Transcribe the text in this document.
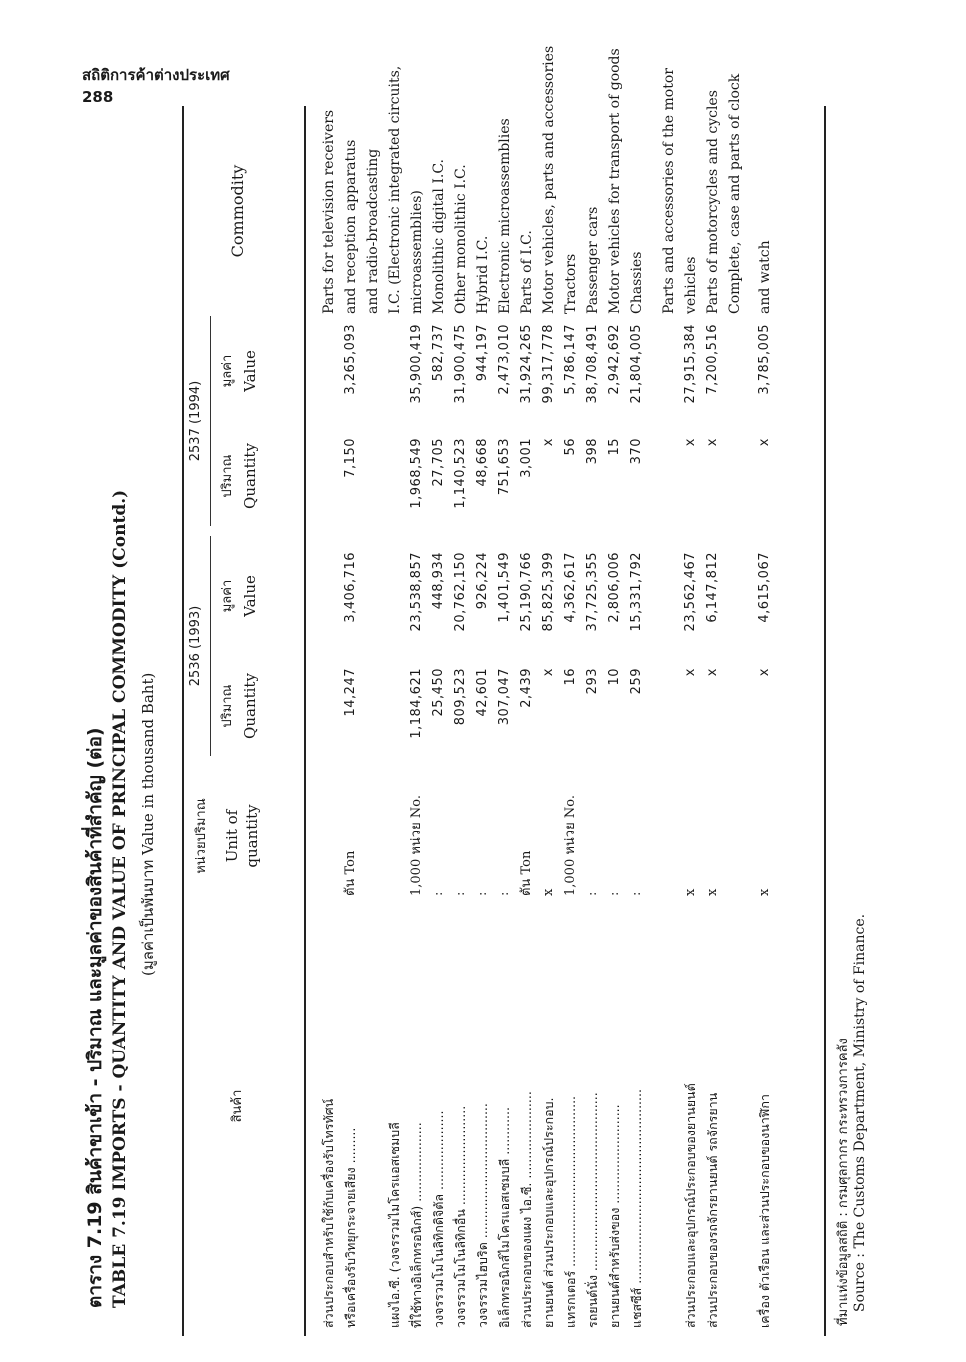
สถิติการค้าต่างประเทศ
288
ตาราง 7.19 สินค้าขาเข้า - ปริมาณ และมูลค่าของสินค้าที่สำคัญ (ต่อ) TABLE 7.19 IMPORTS - QUANTITY AND VALUE OF PRINCIPAL COMMODITY (Contd.) (มูลค่าเป็นพันบาท Value in thousand Baht)
สินค้า
หน่วยปริมาณ Unit of quantity
2536 (1993)
ปริมาณ Quantity
มูลค่า Value
2537 (1994)
ปริมาณ Quantity
มูลค่า Value
Commodity
ส่วนประกอบสำหรับใช้กับเครื่องรับโทรทัศน์
Parts for television receivers
หรือเครื่องรับวิทยุกระจายเสียง .........
ตัน Ton
14,247
3,406,716
7,150
3,265,093
and reception apparatus and radio-broadcasting
แผงไอ.ซี. (วงจรรวมไมโครแอสเซมบลี
I.C. (Electronic integrated circuits,
ที่ใช้ทางอิเล็กทรอนิกส์) ....................
1,000 หน่วย No.
1,184,621
23,538,857
1,968,549
35,900,419
microassemblies)
วงจรรวมโมโนลิทิกดิจิตัล ....................
:
25,450
448,934
27,705
582,737
Monolithic digital I.C.
วงจรรวมโมโนลิทิกอื่น .........................
:
809,523
20,762,150
1,140,523
31,900,475
Other monolithic I.C.
วงจรรวมไฮบริด ..................................
:
42,601
926,224
48,668
944,197
Hybrid I.C.
อิเล็กทรอนิกส์ไมโครแอสเซมบลี ............
:
307,047
1,401,549
751,653
2,473,010
Electronic microassemblies
ส่วนประกอบของแผง ไอ.ซี. ......................
ตัน Ton
2,439
25,190,766
3,001
31,924,265
Parts of I.C.
ยานยนต์ ส่วนประกอบและอุปกรณ์ประกอบ.
x
x
85,825,399
x
99,317,778
Motor vehicles, parts and accessories
แทรกเตอร์ ...........................................
1,000 หน่วย No.
16
4,362,617
56
5,786,147
Tractors
รถยนต์นั่ง .............................................
:
293
37,725,355
398
38,708,491
Passenger cars
ยานยนต์สำหรับส่งของ .........................
:
10
2,806,006
15
2,942,692
Motor vehicles for transport of goods
แชสซีส์ .................................................
:
259
15,331,792
370
21,804,005
Chassies Parts and accessories of the motor
ส่วนประกอบและอุปกรณ์ประกอบของยานยนต์
x
x
23,562,467
x
27,915,384
vehicles
ส่วนประกอบของรถจักรยานยนต์ รถจักรยาน
x
x
6,147,812
x
7,200,516
Parts of motorcycles and cycles Complete, case and parts of clock
เครื่อง ตัวเรือน และส่วนประกอบของนาฬิกา
x
x
4,615,067
x
3,785,005
and watch
ที่มาแห่งข้อมูลสถิติ : กรมศุลกากร กระทรวงการคลัง Source : The Customs Department, Ministry of Finance.
